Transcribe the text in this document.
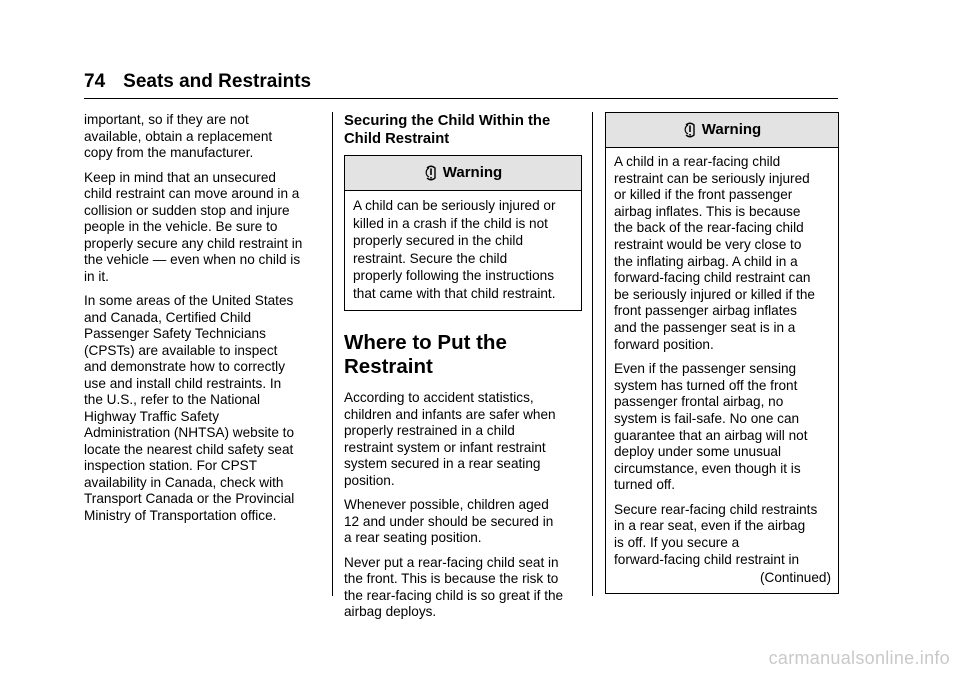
74 Seats and Restraints

important, so if they are not
available, obtain a replacement
copy from the manufacturer.

Keep in mind that an unsecured
child restraint can move around in a
collision or sudden stop and injure
people in the vehicle. Be sure to
properly secure any child restraint in
the vehicle — even when no child is
in it.

In some areas of the United States
and Canada, Certified Child
Passenger Safety Technicians
(CPSTs) are available to inspect
and demonstrate how to correctly
use and install child restraints. In
the U.S., refer to the National
Highway Traffic Safety
Administration (NHTSA) website to
locate the nearest child safety seat
inspection station. For CPST
availability in Canada, check with
Transport Canada or the Provincial
Ministry of Transportation office.

Securing the Child Within the
Child Restraint
Warning

A child can be seriously injured or
killed in a crash if the child is not
properly secured in the child
restraint. Secure the child
properly following the instructions
that came with that child restraint.

Where to Put the
Restraint

According to accident statistics,
children and infants are safer when
properly restrained in a child
restraint system or infant restraint
system secured in a rear seating
position.

Whenever possible, children aged
12 and under should be secured in
a rear seating position.

Never put a rear-facing child seat in
the front. This is because the risk to
the rear-facing child is so great if the
airbag deploys.

Warning

A child in a rear-facing child
restraint can be seriously injured
or killed if the front passenger
airbag inflates. This is because
the back of the rear-facing child
restraint would be very close to
the inflating airbag. A child in a
forward-facing child restraint can
be seriously injured or killed if the
front passenger airbag inflates
and the passenger seat is in a
forward position.

Even if the passenger sensing
system has turned off the front
passenger frontal airbag, no
system is fail-safe. No one can
guarantee that an airbag will not
deploy under some unusual
circumstance, even though it is
turned off.

Secure rear-facing child restraints
in a rear seat, even if the airbag
is off. If you secure a
forward-facing child restraint in

(Continued)
carmanualsonline.info
